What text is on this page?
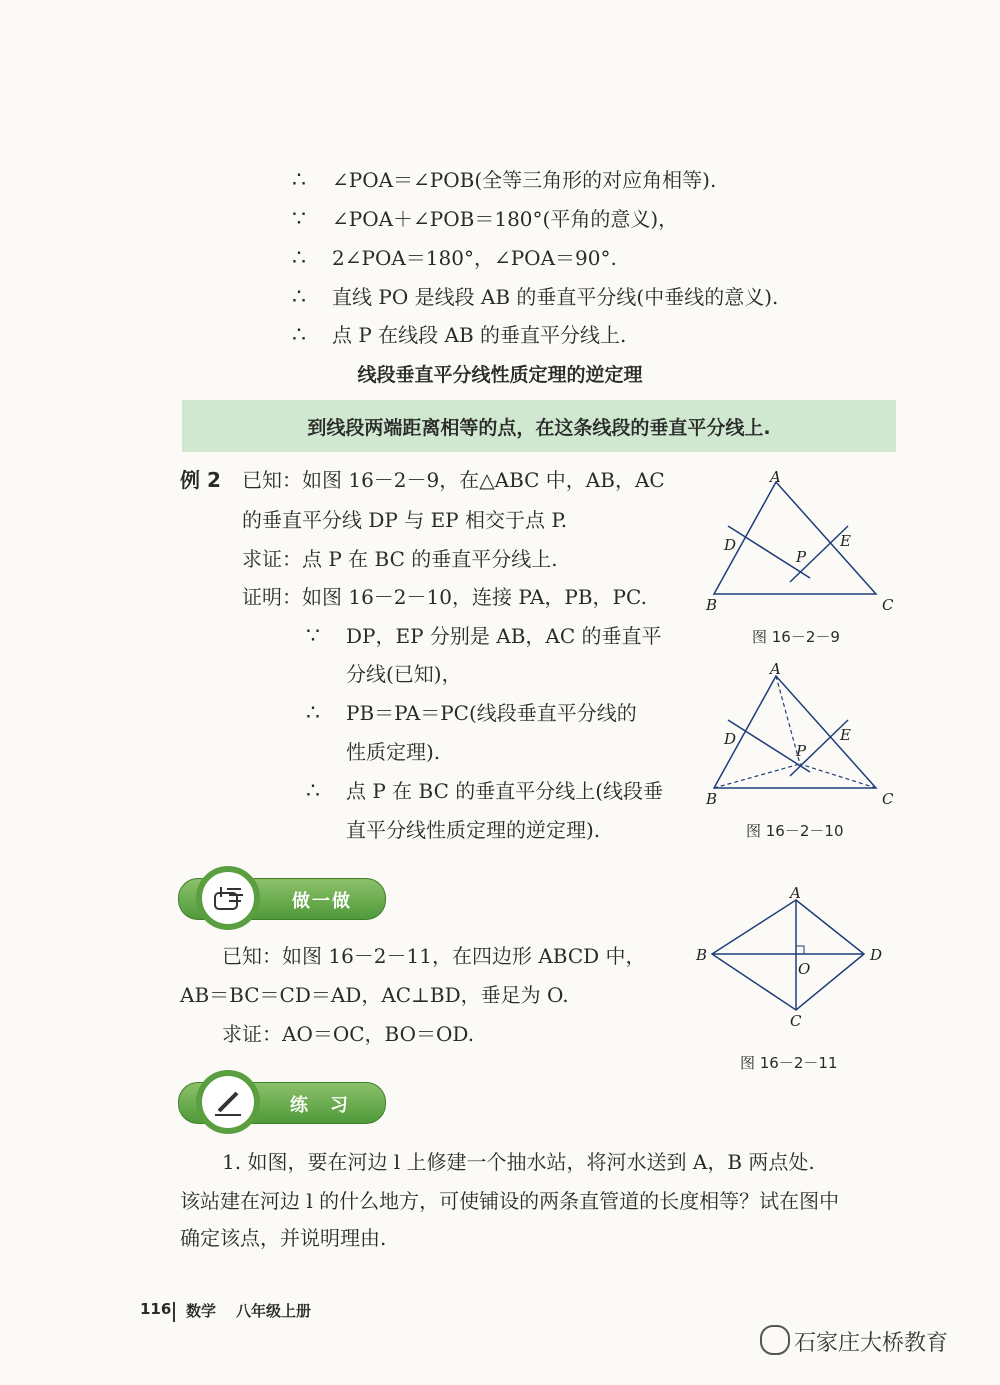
∴ ∠POA＝∠POB(全等三角形的对应角相等).
∵ ∠POA＋∠POB＝180°(平角的意义)，
∴ 2∠POA＝180°，∠POA＝90°.
∴ 直线 PO 是线段 AB 的垂直平分线(中垂线的意义).
∴ 点 P 在线段 AB 的垂直平分线上.
线段垂直平分线性质定理的逆定理
到线段两端距离相等的点，在这条线段的垂直平分线上.
例 2 已知：如图 16－2－9，在△ABC 中，AB，AC
的垂直平分线 DP 与 EP 相交于点 P.
求证：点 P 在 BC 的垂直平分线上.
证明：如图 16－2－10，连接 PA，PB，PC.
∵ DP，EP 分别是 AB，AC 的垂直平
分线(已知)，
∴ PB＝PA＝PC(线段垂直平分线的
性质定理).
∴ 点 P 在 BC 的垂直平分线上(线段垂
直平分线性质定理的逆定理).
A
B	C
D	E
P
图 16－2－9
A
B	C
D	E
P
图 16－2－10
做一做
已知：如图 16－2－11，在四边形 ABCD 中，
AB＝BC＝CD＝AD，AC⊥BD，垂足为 O.
求证：AO＝OC，BO＝OD.
A
B
C
D
O
图 16－2－11
练　习
1. 如图，要在河边 l 上修建一个抽水站，将河水送到 A，B 两点处.
该站建在河边 l 的什么地方，可使铺设的两条直管道的长度相等？试在图中
确定该点，并说明理由.
116 数学 八年级上册
石家庄大桥教育
